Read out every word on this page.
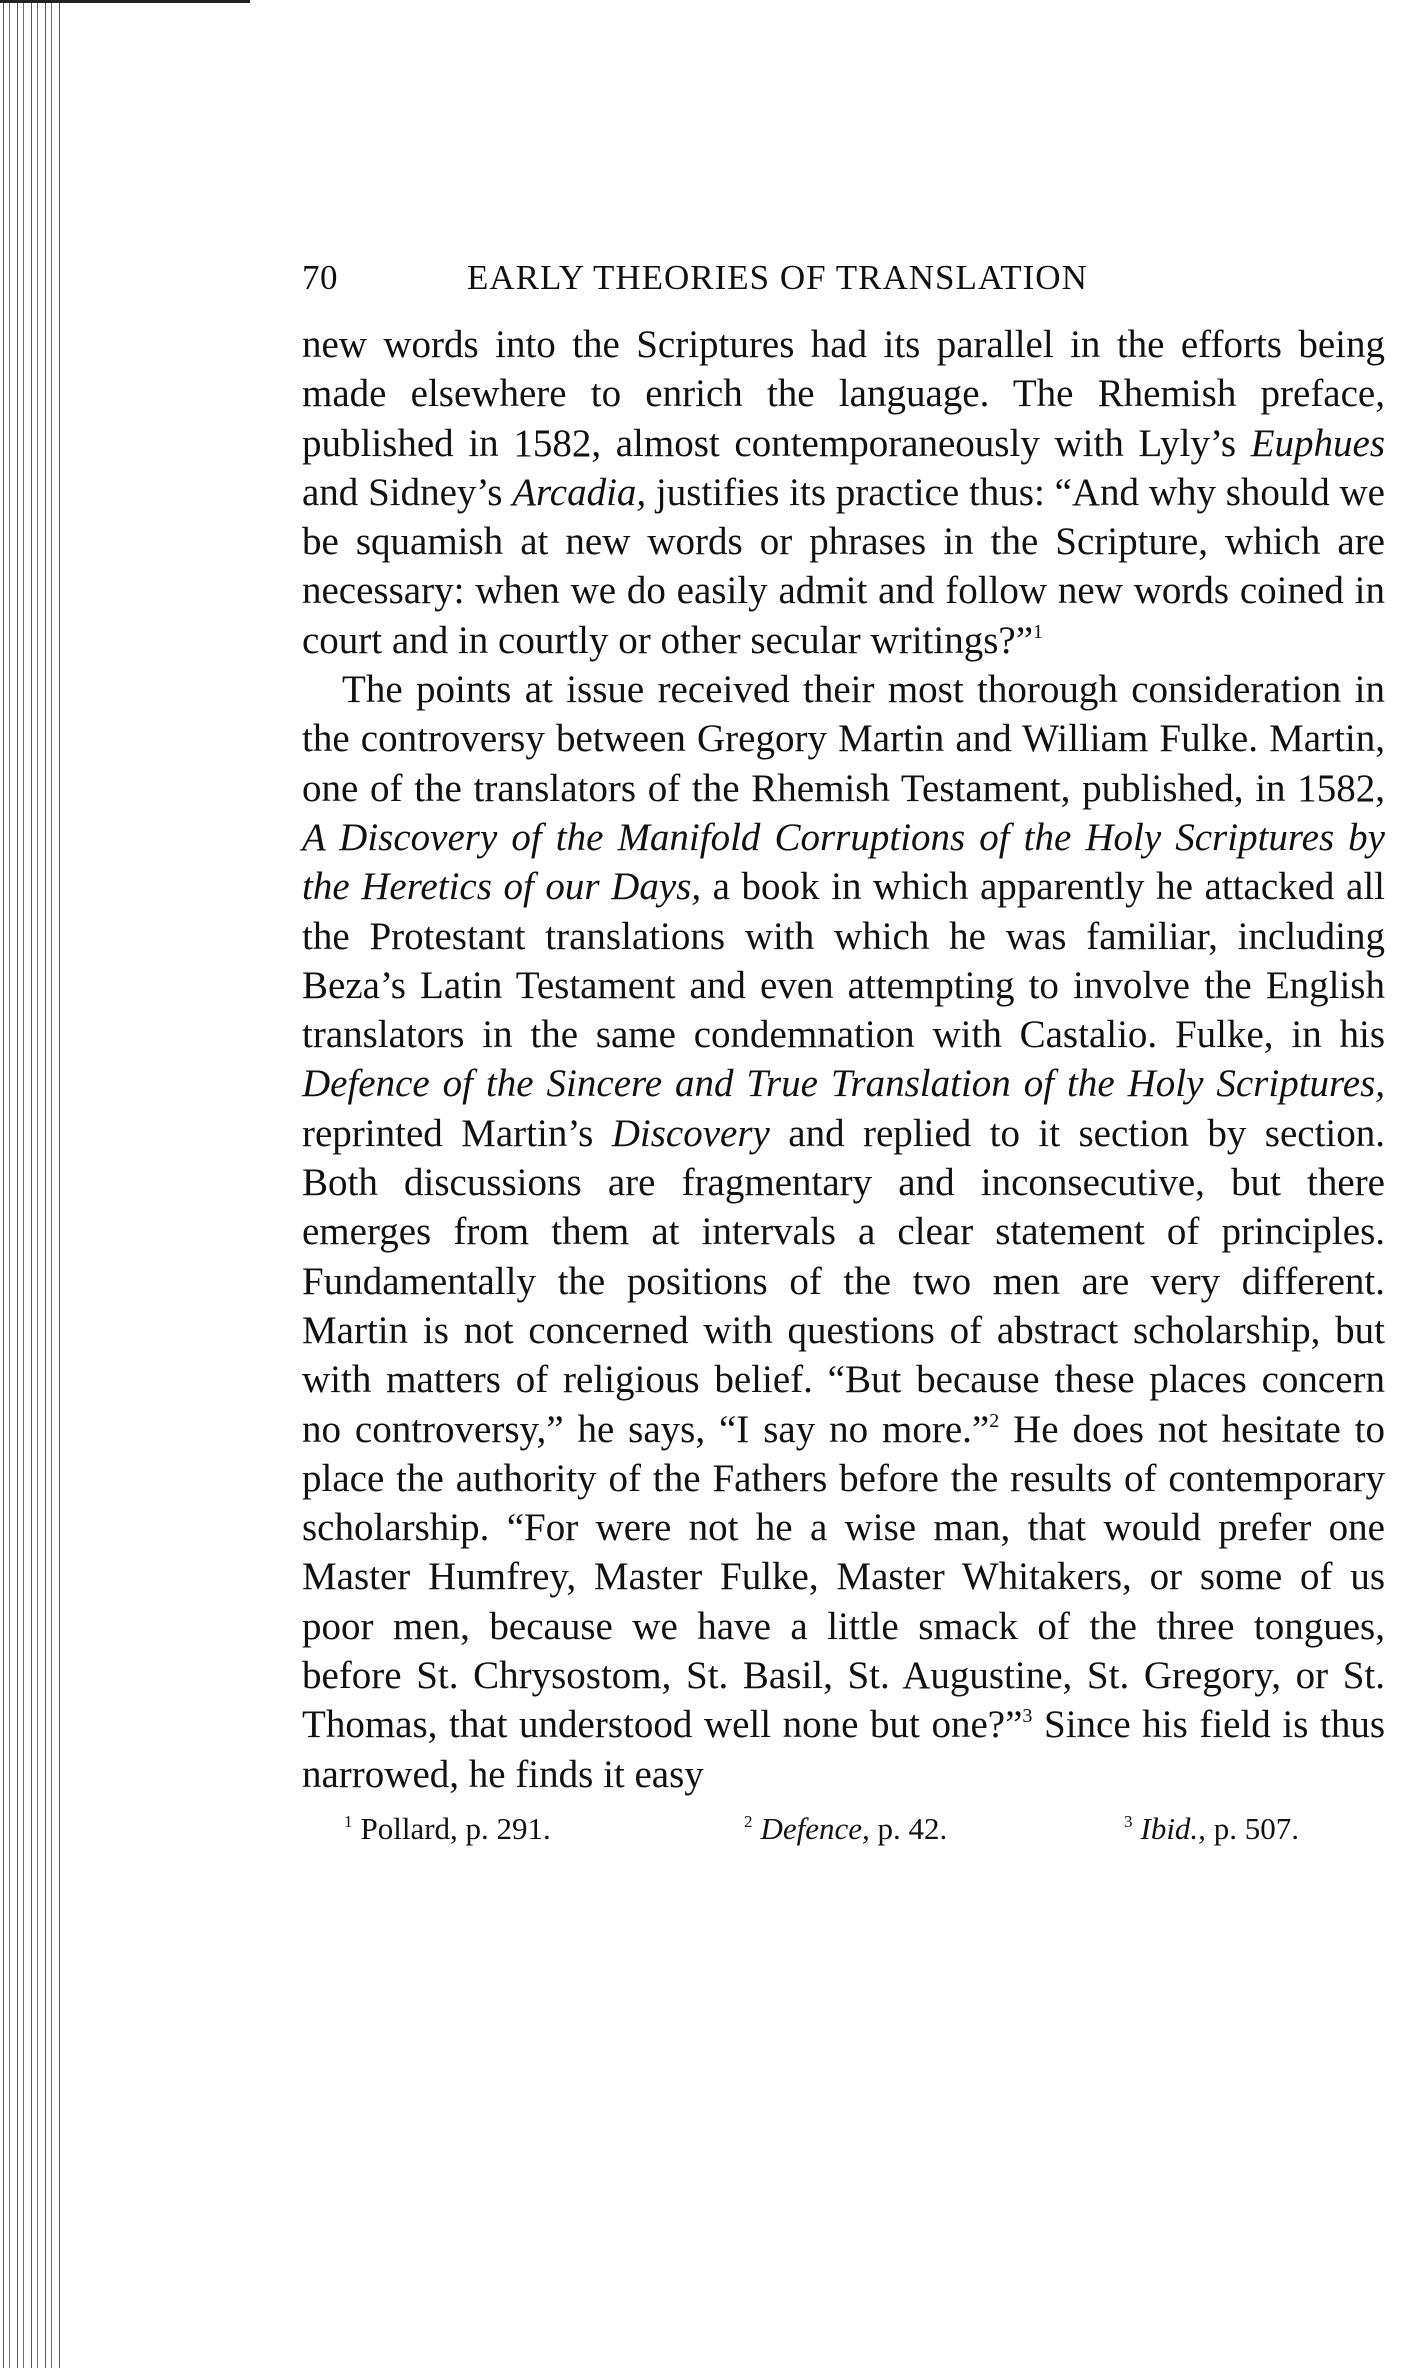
70	EARLY THEORIES OF TRANSLATION

new words into the Scriptures had its parallel in the efforts being made elsewhere to enrich the language. The Rhemish preface, published in 1582, almost contemporaneously with Lyly’s Euphues and Sidney’s Arcadia, justifies its practice thus: “And why should we be squamish at new words or phrases in the Scripture, which are necessary: when we do easily admit and follow new words coined in court and in courtly or other secular writings?”$^1$

The points at issue received their most thorough consideration in the controversy between Gregory Martin and William Fulke. Martin, one of the translators of the Rhemish Testament, published, in 1582, A Discovery of the Manifold Corruptions of the Holy Scriptures by the Heretics of our Days, a book in which apparently he attacked all the Protestant translations with which he was familiar, including Beza’s Latin Testament and even attempting to involve the English translators in the same condemnation with Castalio. Fulke, in his Defence of the Sincere and True Translation of the Holy Scriptures, reprinted Martin’s Discovery and replied to it section by section. Both discussions are fragmentary and inconsecutive, but there emerges from them at intervals a clear statement of principles. Fundamentally the positions of the two men are very different. Martin is not concerned with questions of abstract scholarship, but with matters of religious belief. “But because these places concern no controversy,” he says, “I say no more.”$^2$ He does not hesitate to place the authority of the Fathers before the results of contemporary scholarship. “For were not he a wise man, that would prefer one Master Humfrey, Master Fulke, Master Whitakers, or some of us poor men, because we have a little smack of the three tongues, before St. Chrysostom, St. Basil, St. Augustine, St. Gregory, or St. Thomas, that understood well none but one?”$^3$ Since his field is thus narrowed, he finds it easy

$^1$ Pollard, p. 291.	$^2$ Defence, p. 42.	$^3$ Ibid., p. 507.
